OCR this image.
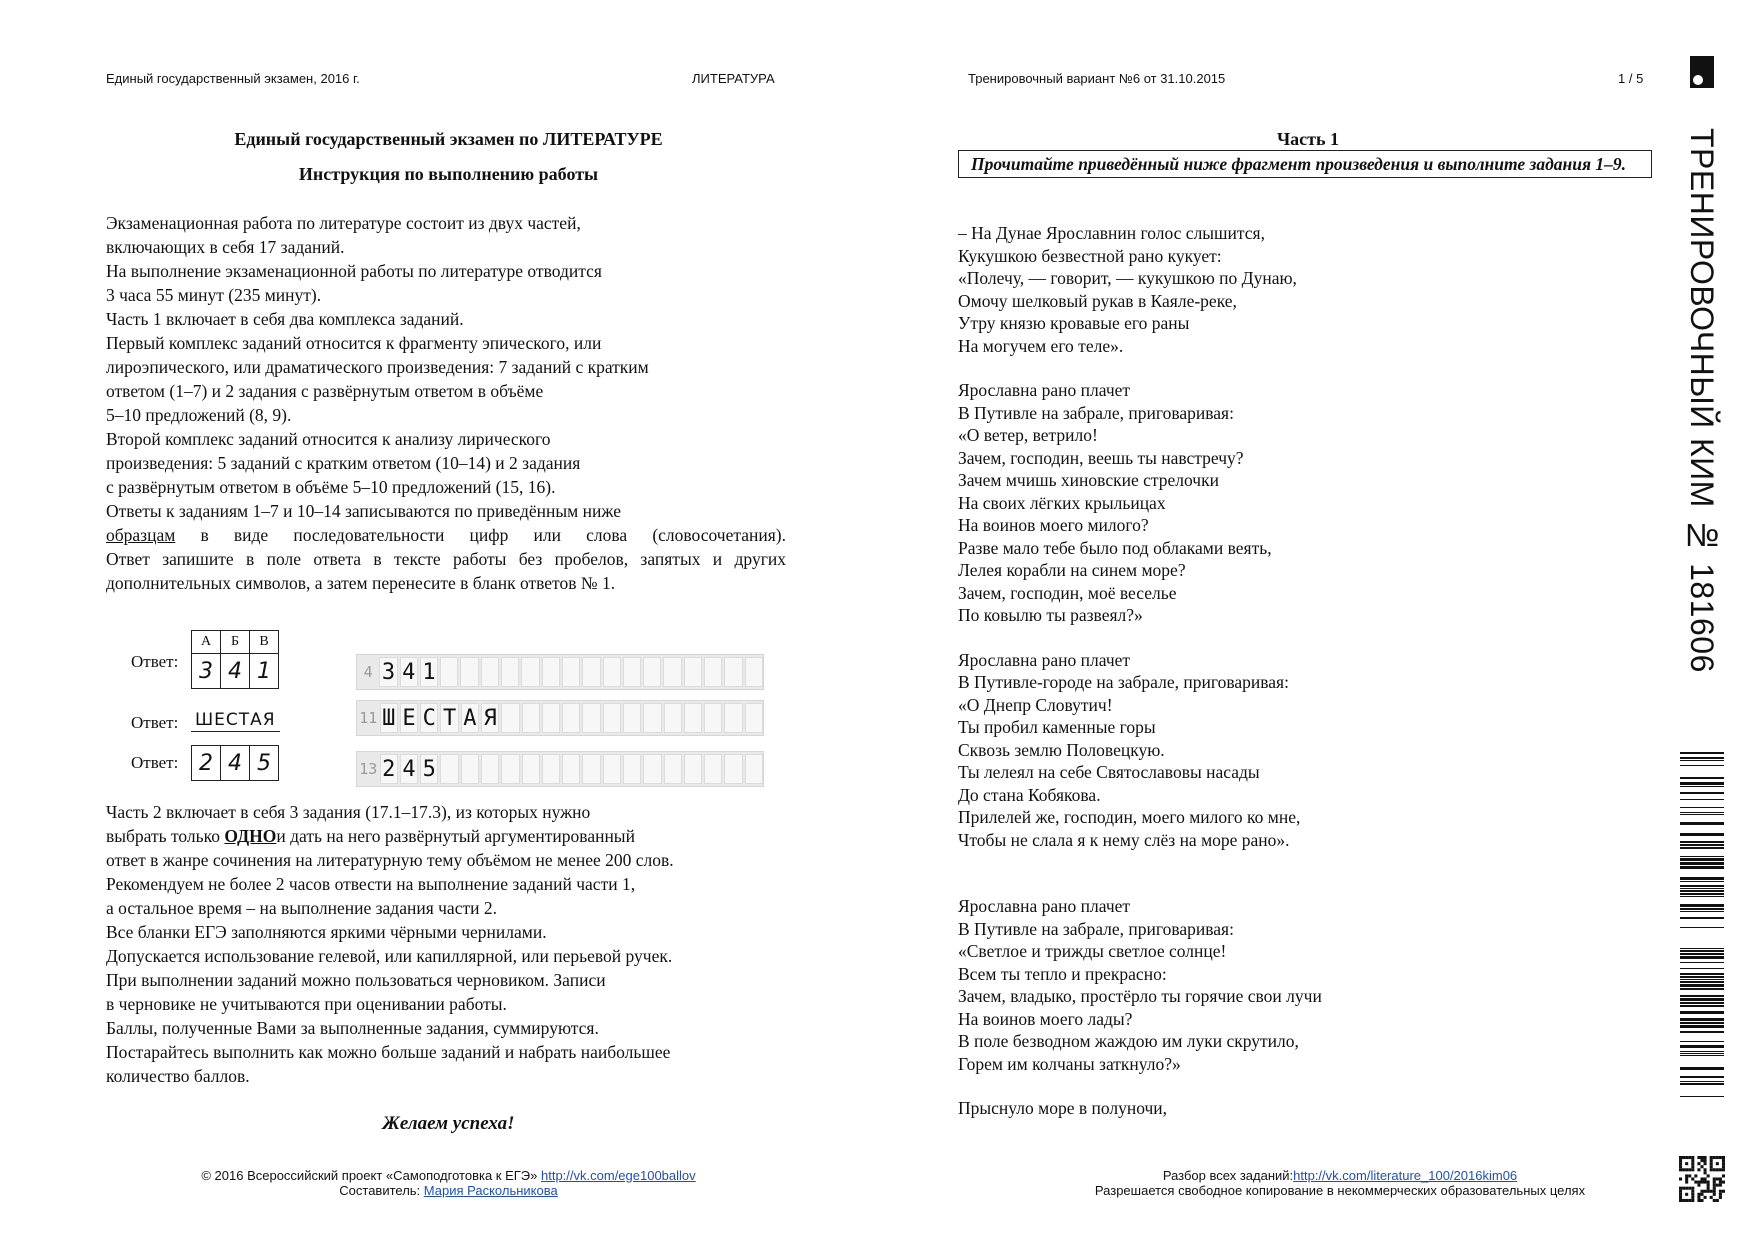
Единый государственный экзамен, 2016 г.	ЛИТЕРАТУРА	Тренировочный вариант №6 от 31.10.2015	1 / 5
Единый государственный экзамен по ЛИТЕРАТУРЕ
Инструкция по выполнению работы
Экзаменационная работа по литературе состоит из двух частей,
включающих в себя 17 заданий.
На выполнение экзаменационной работы по литературе отводится
3 часа 55 минут (235 минут).
Часть 1 включает в себя два комплекса заданий.
Первый комплекс заданий относится к фрагменту эпического, или
лироэпического, или драматического произведения: 7 заданий с кратким
ответом (1–7) и 2 задания с развёрнутым ответом в объёме
5–10 предложений (8, 9).
Второй комплекс заданий относится к анализу лирического
произведения: 5 заданий с кратким ответом (10–14) и 2 задания
с развёрнутым ответом в объёме 5–10 предложений (15, 16).
Ответы к заданиям 1–7 и 10–14 записываются по приведённым ниже
образцам в виде последовательности цифр или слова (словосочетания).
Ответ запишите в поле ответа в тексте работы без пробелов, запятых и других дополнительных символов, а затем перенесите в бланк ответов № 1.
Ответ:
А	Б	В
3	4	1
Ответ: ШЕСТАЯ
Ответ: 2	4	5
4 3 4 1
11 Ш Е С Т А Я
13 2 4 5
Часть 2 включает в себя 3 задания (17.1–17.3), из которых нужно
выбрать только ОДНОи дать на него развёрнутый аргументированный
ответ в жанре сочинения на литературную тему объёмом не менее 200 слов.
Рекомендуем не более 2 часов отвести на выполнение заданий части 1,
а остальное время – на выполнение задания части 2.
Все бланки ЕГЭ заполняются яркими чёрными чернилами.
Допускается использование гелевой, или капиллярной, или перьевой ручек.
При выполнении заданий можно пользоваться черновиком. Записи
в черновике не учитываются при оценивании работы.
Баллы, полученные Вами за выполненные задания, суммируются.
Постарайтесь выполнить как можно больше заданий и набрать наибольшее
количество баллов.
Желаем успеха!
© 2016 Всероссийский проект «Самоподготовка к ЕГЭ» http://vk.com/ege100ballov
Составитель: Мария Раскольникова
Часть 1
Прочитайте приведённый ниже фрагмент произведения и выполните задания 1–9.
– На Дунае Ярославнин голос слышится,
Кукушкою безвестной рано кукует:
«Полечу, — говорит, — кукушкою по Дунаю,
Омочу шелковый рукав в Каяле-реке,
Утру князю кровавые его раны
На могучем его теле».
Ярославна рано плачет
В Путивле на забрале, приговаривая:
«О ветер, ветрило!
Зачем, господин, веешь ты навстречу?
Зачем мчишь хиновские стрелочки
На своих лёгких крыльицах
На воинов моего милого?
Разве мало тебе было под облаками веять,
Лелея корабли на синем море?
Зачем, господин, моё веселье
По ковылю ты развеял?»
Ярославна рано плачет
В Путивле-городе на забрале, приговаривая:
«О Днепр Словутич!
Ты пробил каменные горы
Сквозь землю Половецкую.
Ты лелеял на себе Святославовы насады
До стана Кобякова.
Прилелей же, господин, моего милого ко мне,
Чтобы не слала я к нему слёз на море рано».
Ярославна рано плачет
В Путивле на забрале, приговаривая:
«Светлое и трижды светлое солнце!
Всем ты тепло и прекрасно:
Зачем, владыко, простёрло ты горячие свои лучи
На воинов моего лады?
В поле безводном жаждою им луки скрутило,
Горем им колчаны заткнуло?»
Прыснуло море в полуночи,
Разбор всех заданий:http://vk.com/literature_100/2016kim06
Разрешается свободное копирование в некоммерческих образовательных целях
ТРЕНИРОВОЧНЫЙ КИМ № 181606
